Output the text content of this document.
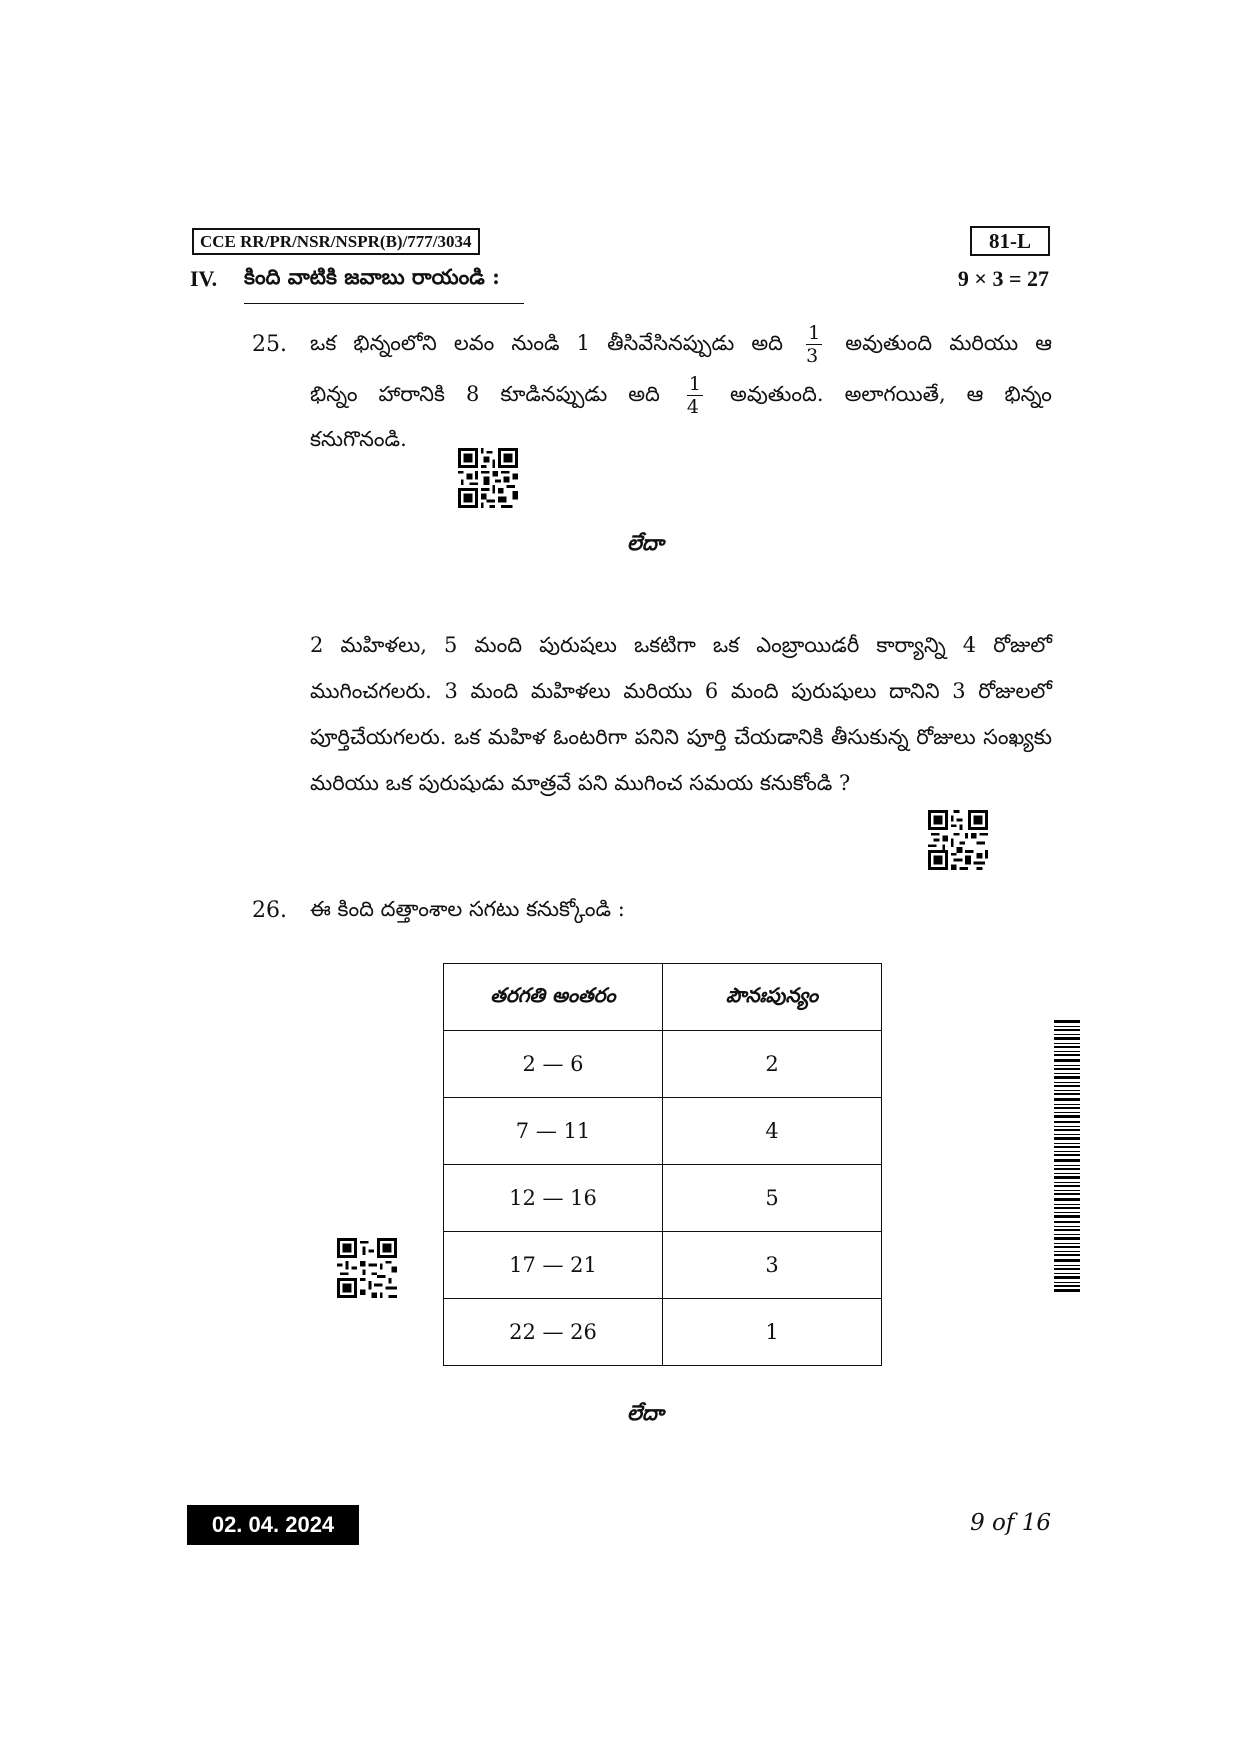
CCE RR/PR/NSR/NSPR(B)/777/3034	81-L
IV. కింది వాటికి జవాబు రాయండి :	9 × 3 = 27
25. ఒక భిన్నంలోని లవం నుండి 1 తీసివేసినప్పుడు అది $\frac{1}{3}$ అవుతుంది మరియు ఆ
భిన్నం హారానికి 8 కూడినప్పుడు అది $\frac{1}{4}$ అవుతుంది. అలాగయితే, ఆ భిన్నం
కనుగొనండి.
లేదా
2 మహిళలు, 5 మంది పురుషలు ఒకటిగా ఒక ఎంబ్రాయిడరీ కార్యాన్ని 4 రోజులో ముగించగలరు. 3 మంది మహిళలు మరియు 6 మంది పురుషులు దానిని 3 రోజులలో పూర్తిచేయగలరు. ఒక మహిళ ఓంటరిగా పనిని పూర్తి చేయడానికి తీసుకున్న రోజులు సంఖ్యకు మరియు ఒక పురుషుడు మాత్రవే పని ముగించ సమయ కనుకోండి ?
26. ఈ కింది దత్తాంశాల సగటు కనుక్కోండి :
తరగతి అంతరం	పౌనఃపున్యం
2 — 6	2
7 — 11	4
12 — 16	5
17 — 21	3
22 — 26	1
లేదా
02. 04. 2024	9 of 16
